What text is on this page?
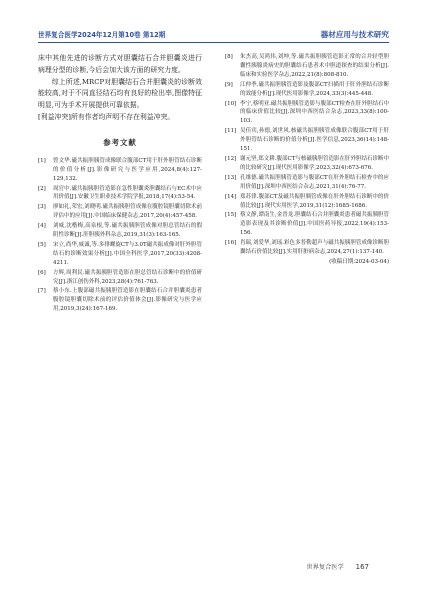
世界复合医学2024年12月第10卷 第12期	器材应用与技术研究

床中其他先进的诊断方式对胆囊结石合并胆囊炎进行病理分型的诊断,今后会加大该方面的研究力度。

综上所述,MRCP对胆囊结石合并胆囊炎的诊断效能较高,对于不同直径结石均有良好的检出率,图像特征明显,可为手术开展提供可靠依据。

[利益冲突]所有作者均声明不存在利益冲突。

参考文献
[1] 曾文华.磁共振胆胰管成像联合腹部CT用于肝外胆管结石诊断的价值分析[J].影像研究与医学应用,2024,8(4):127-129,132.
[2] 周官中.磁共振胰胆管造影在急性胆囊炎胆囊结石与EC术中应用价值[J].安徽卫生职业技术学院学报,2018,17(4):53-54.
[3] 廖如礼,荣宏,刘晓明.磁共振胰胆管成像在腹腔镜胆囊切除术前评估中的应用[J].中国临床保健杂志,2017,20(4):457-458.
[4] 刘威,沈楷梅,高泉根,等.磁共振胰胆管成像对胆总管结石的假阴性诊断[J].肝胆胰外科杂志,2019,31(3):163-165.
[5] 宋立,尚华,威诚,等.多排螺旋CT与3.0T磁共振成像对肝外胆管结石的诊断效果分析[J].中国全科医学,2017,20(33):4208-4211.
[6] 方辉,周利民.磁共振胰胆管造影在胆总管结石诊断中的价值研究[J].浙江创伤外科,2023,28(4):761-763.
[7] 蔡小东.上腹部磁共振胰胆管造影在胆囊结石合并胆囊炎患者腹腔镜胆囊切除术前的评估价值体会[J].影像研究与医学应用,2019,3(24):167-169.
[8] 朱杰高,吴鸿伟,刘坤,等.磁共振胆胰管造影正常的合并轻型胆囊性胰腺炎病史的胆囊结石患者术中胆道探查的结果分析[J].临床和实验医学杂志,2022,21(8):808-810.
[9] 江仲季.磁共振胆胰管造影及腹部CT扫描用于肝外胆结石诊断的效能分析[J].现代医用影像学,2024,33(3):445-448.
[10] 李宁,蔡明亚.磁共振胆胰管造影与腹部CT检查在肝外胆结石中的临床价值比较[J].深圳中西医结合杂志,2023,33(8):100-103.
[11] 吴佳宾,孙德,刘世风.核磁共振胆胰管成像联合腹部CT用于肝外胆管结石诊断的价值分析[J].医学信息,2023,36(14):148-151.
[12] 谢元坚,郑文耕.腹部CT与核磁胰胆管造影在肝外胆结石诊断中的比较研究[J].现代医用影像学,2023,32(4):673-676.
[13] 孔维德.磁共振胆胰管造影与腹部CT在肝外胆结石检查中的应用价值[J].深圳中西医结合杂志,2021,31(4):76-77.
[14] 郑苏律.腹部CT及磁共振胆胰管成像在肝外胆结石诊断中的价值比较[J].现代实用医学,2019,31(12):1685-1686.
[15] 蔡文静,谭南生,金晋龙.胆囊结石合并胆囊炎患者磁共振胰胆管造影表现及其诊断价值[J].中国医药导报,2022,19(4):153-156.
[16] 肖瑞,刘爱华,刘瑶.彩色多普勒超声与磁共振胰胆管成像诊断胆囊结石价值比较[J].实用肝脏病杂志,2024,27(1):137-140.
(收稿日期:2024-03-04)
世界复合医学 167
